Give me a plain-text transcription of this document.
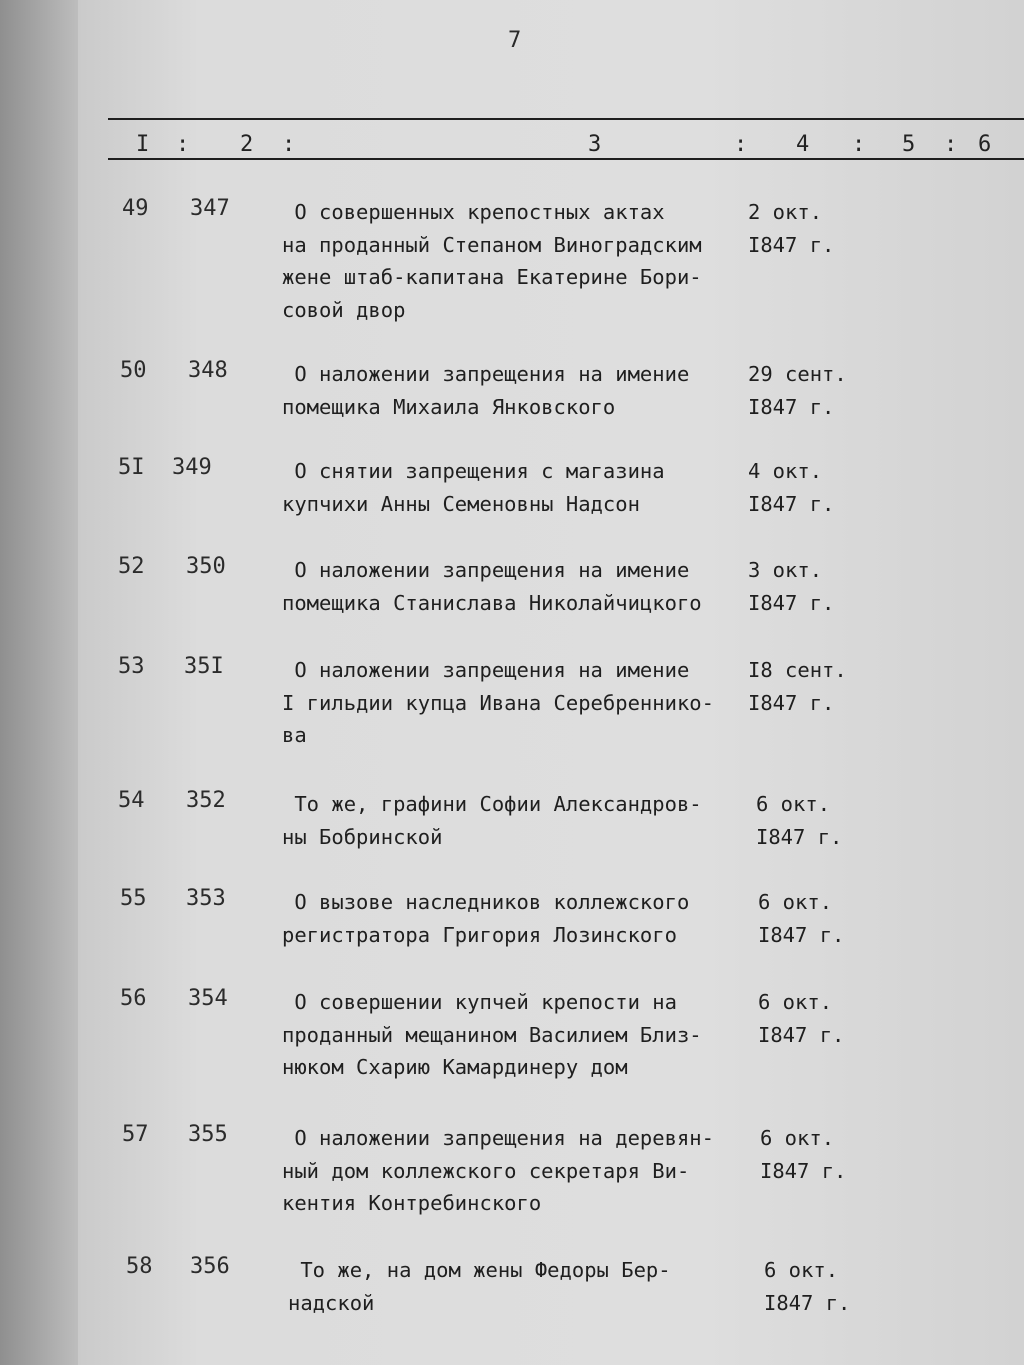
7
I : 2 :	3	: 4 : 5 : 6
49 347	О совершенных крепостных актах
на проданный Степаном Виноградским
жене штаб-капитана Екатерине Бори-
совой двор
2 окт.
I847 г.
50 348	О наложении запрещения на имение
помещика Михаила Янковского
29 сент.
I847 г.
5I 349	О снятии запрещения с магазина
купчихи Анны Семеновны Надсон
4 окт.
I847 г.
52 350	О наложении запрещения на имение
помещика Станислава Николайчицкого
3 окт.
I847 г.
53 35I	О наложении запрещения на имение
I гильдии купца Ивана Серебреннико-
ва
I8 сент.
I847 г.
54 352	То же, графини Софии Александров-
ны Бобринской
6 окт.
I847 г.
55 353	О вызове наследников коллежского
регистратора Григория Лозинского
6 окт.
I847 г.
56 354	О совершении купчей крепости на
проданный мещанином Василием Близ-
нюком Схарию Камардинеру дом
6 окт.
I847 г.
57 355	О наложении запрещения на деревян-
ный дом коллежского секретаря Ви-
кентия Контребинского
6 окт.
I847 г.
58 356	То же, на дом жены Федоры Бер-
надской
6 окт.
I847 г.
